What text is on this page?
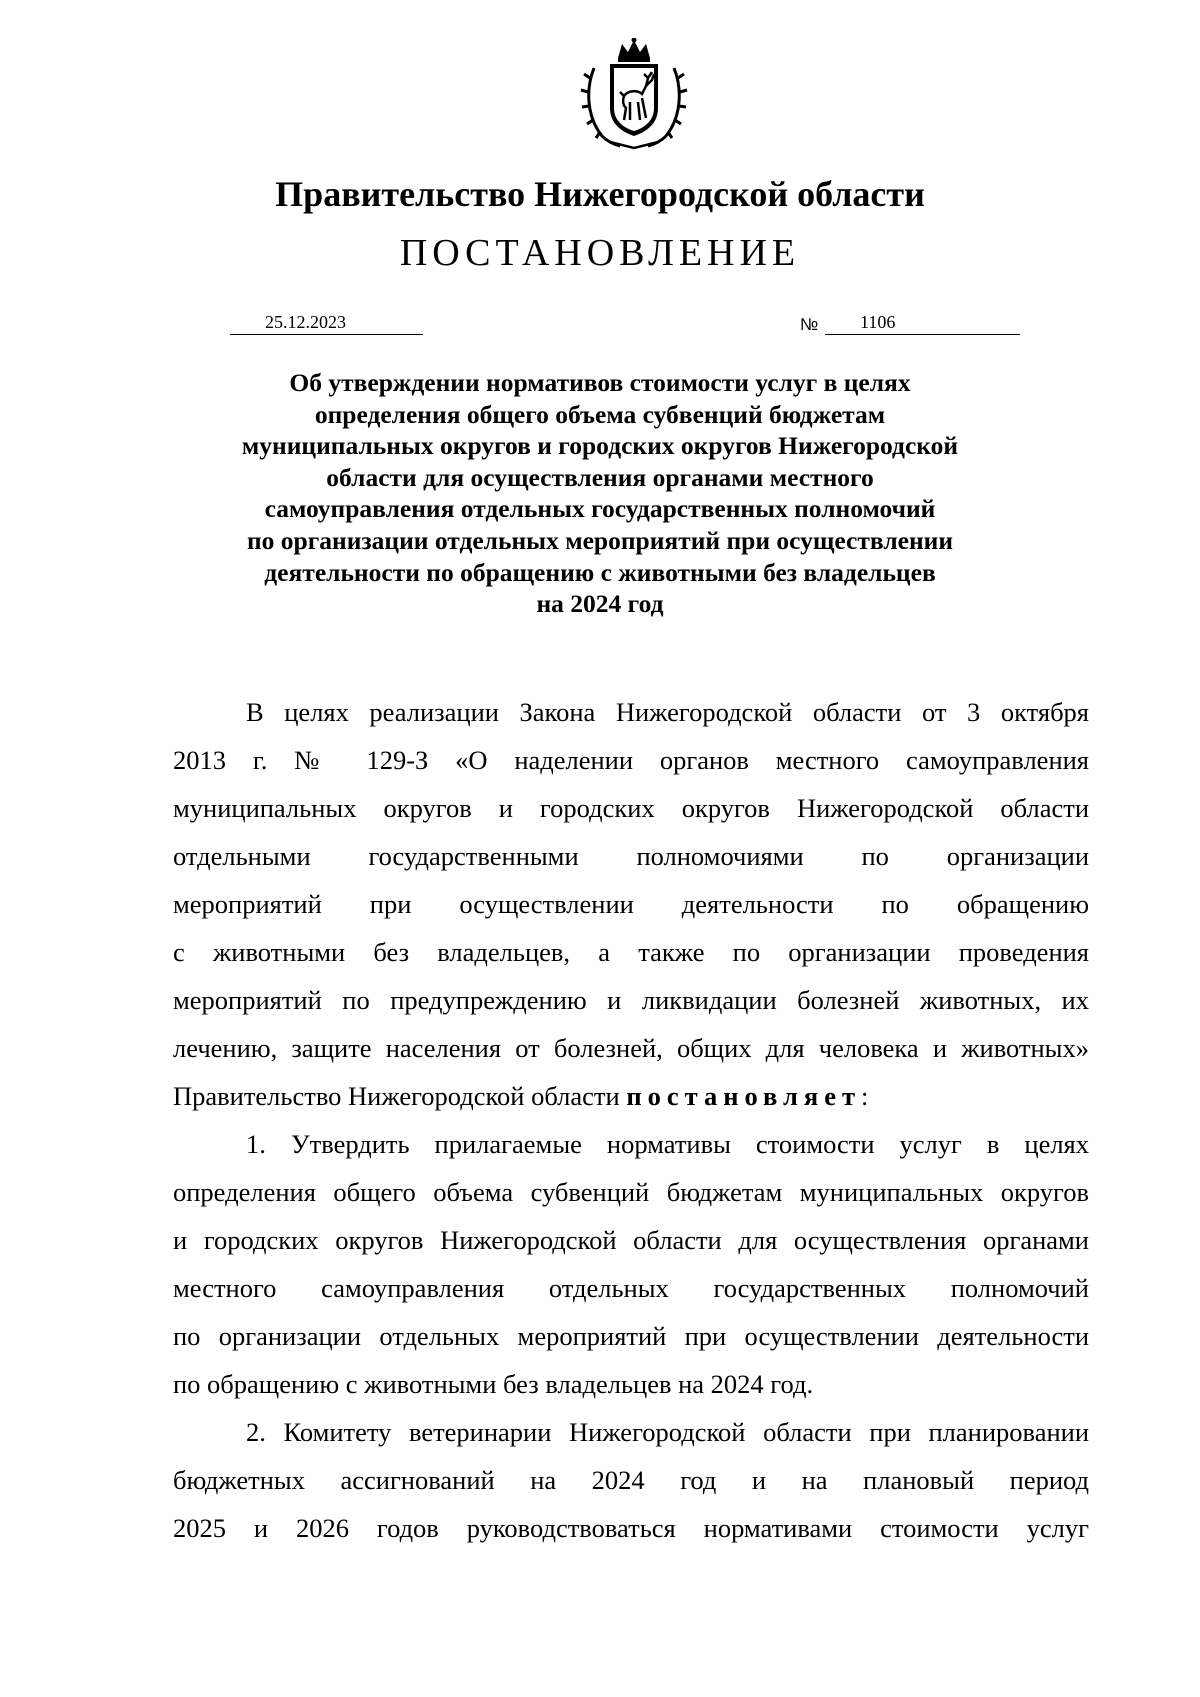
Правительство Нижегородской области
ПОСТАНОВЛЕНИЕ
25.12.2023	№	1106
Об утверждении нормативов стоимости услуг в целях
определения общего объема субвенций бюджетам
муниципальных округов и городских округов Нижегородской
области для осуществления органами местного
самоуправления отдельных государственных полномочий
по организации отдельных мероприятий при осуществлении
деятельности по обращению с животными без владельцев
на 2024 год
В целях реализации Закона Нижегородской области от 3 октября
2013 г. № 129-З «О наделении органов местного самоуправления
муниципальных округов и городских округов Нижегородской области
отдельными государственными полномочиями по организации
мероприятий при осуществлении деятельности по обращению
с животными без владельцев, а также по организации проведения
мероприятий по предупреждению и ликвидации болезней животных, их
лечению, защите населения от болезней, общих для человека и животных»
Правительство Нижегородской области постановляет:
1. Утвердить прилагаемые нормативы стоимости услуг в целях
определения общего объема субвенций бюджетам муниципальных округов
и городских округов Нижегородской области для осуществления органами
местного самоуправления отдельных государственных полномочий
по организации отдельных мероприятий при осуществлении деятельности
по обращению с животными без владельцев на 2024 год.
2. Комитету ветеринарии Нижегородской области при планировании
бюджетных ассигнований на 2024 год и на плановый период
2025 и 2026 годов руководствоваться нормативами стоимости услуг
